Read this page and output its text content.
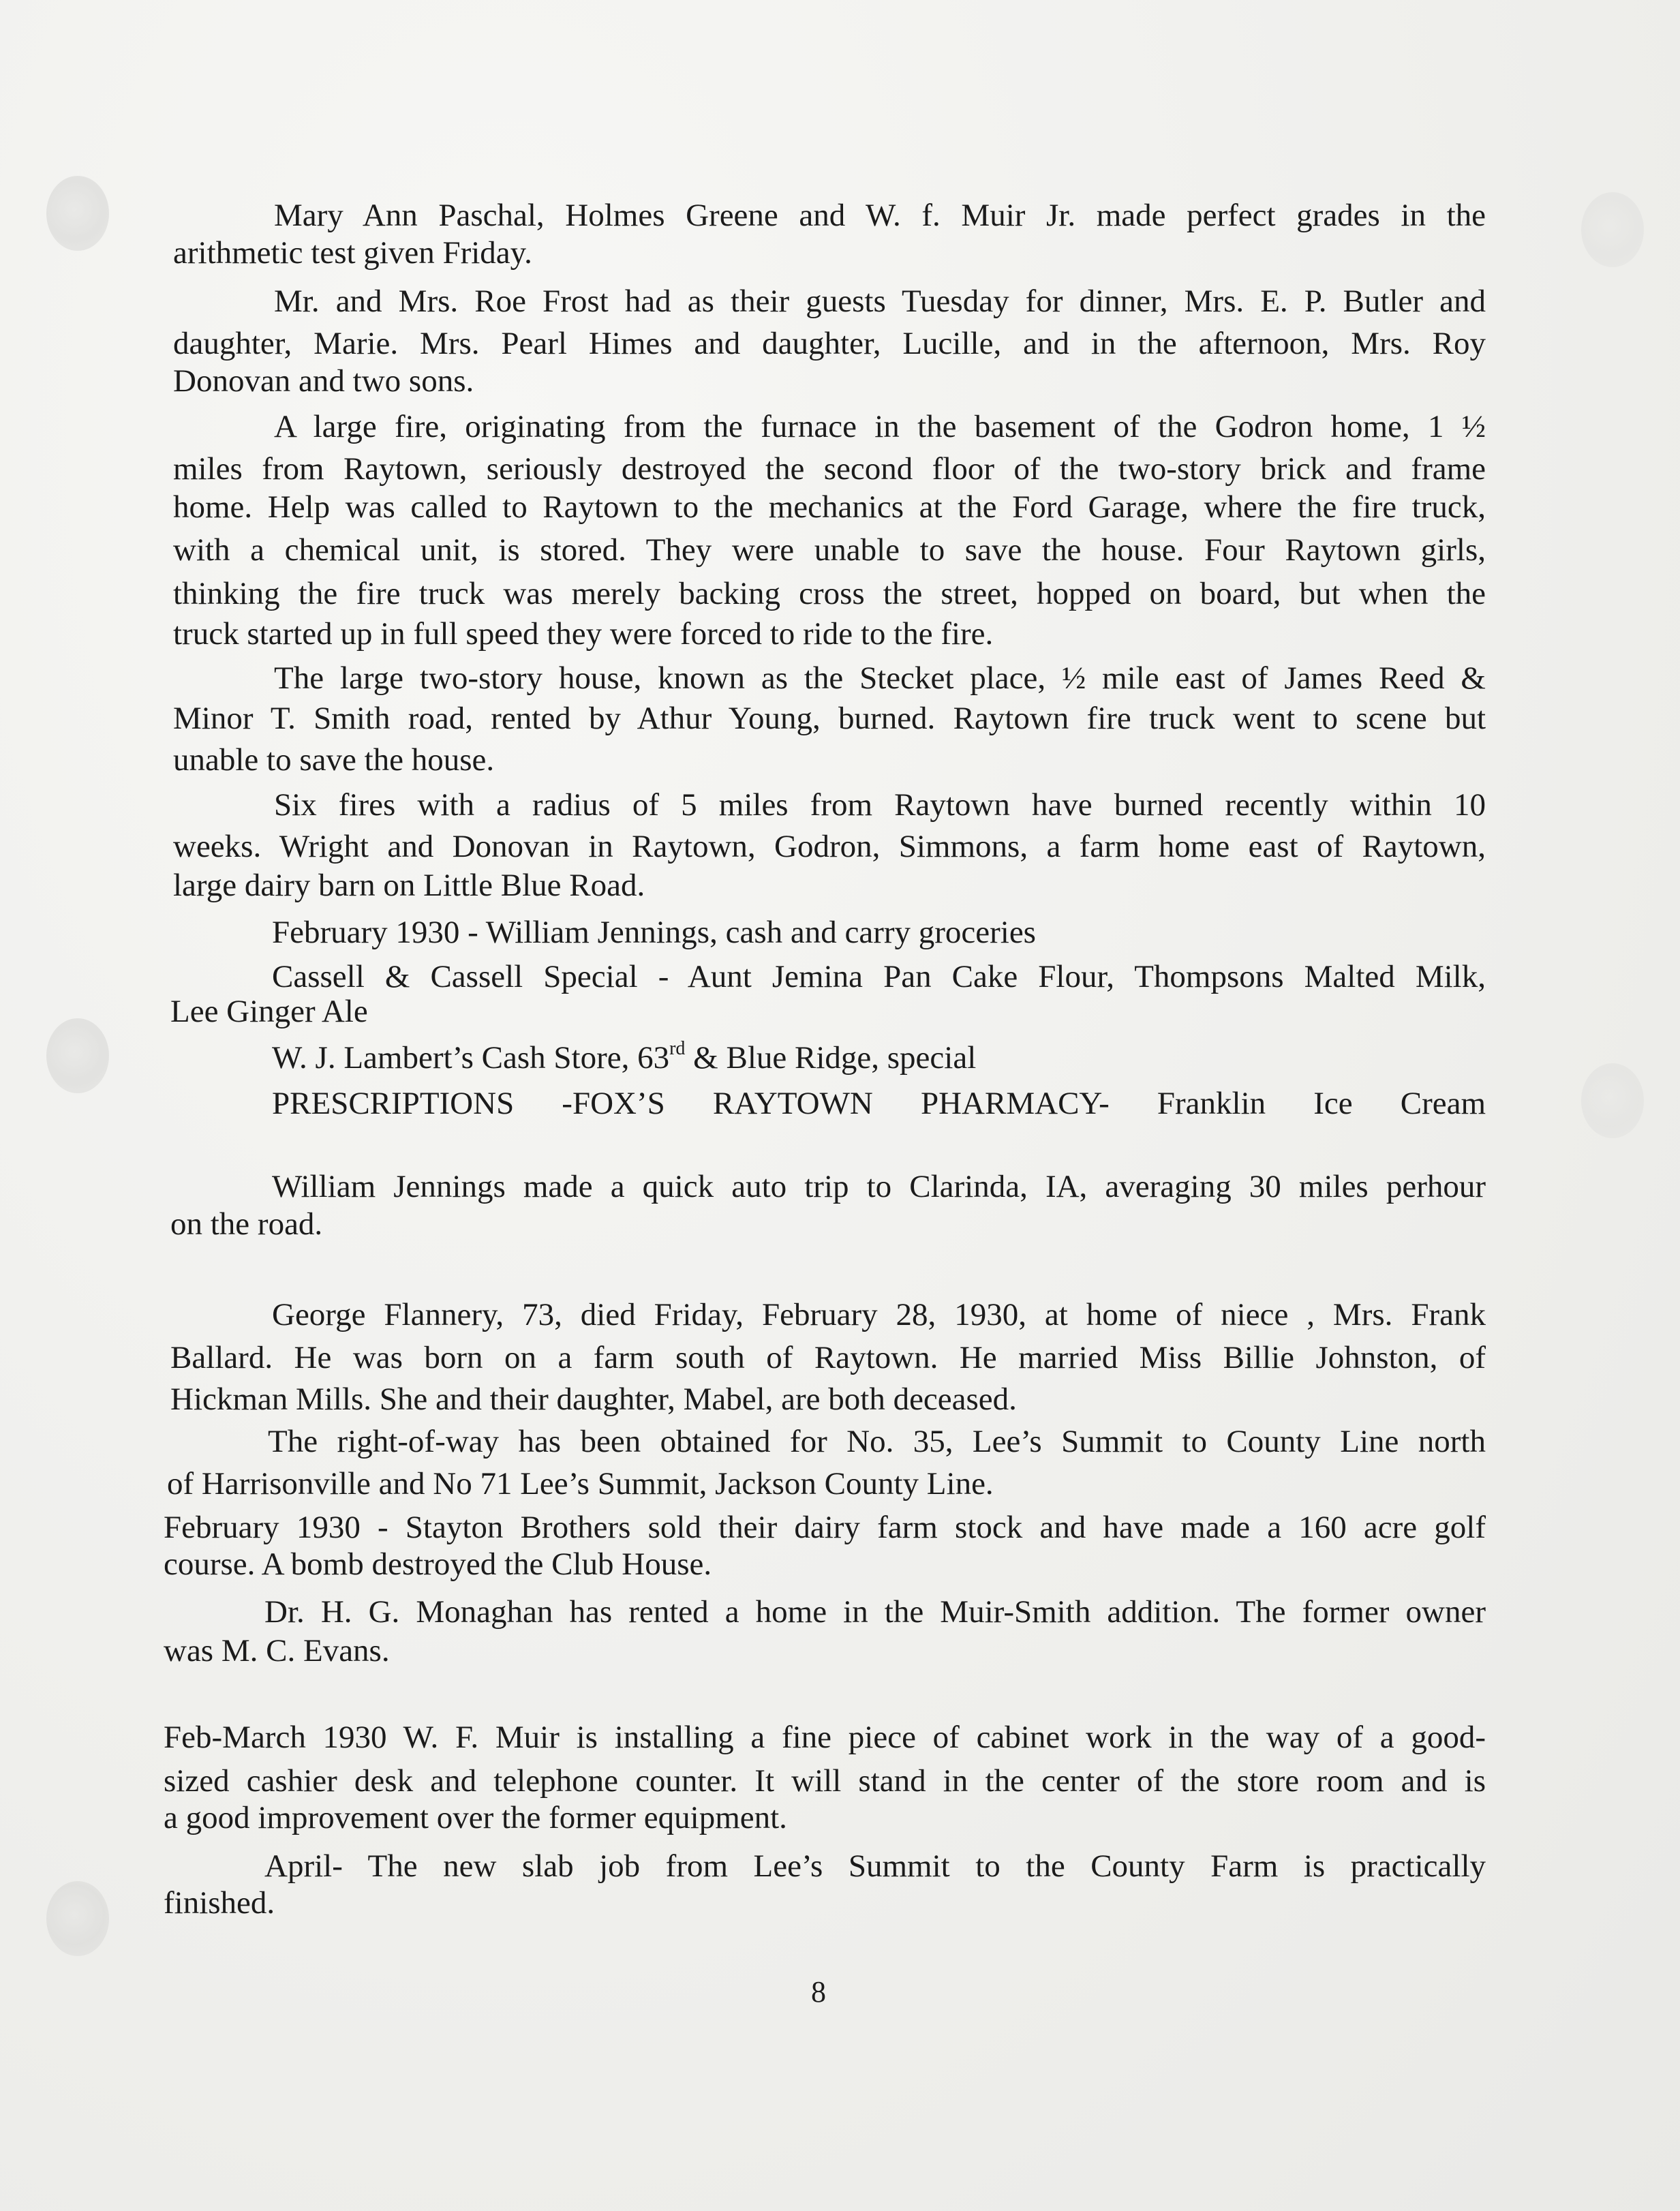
Mary Ann Paschal, Holmes Greene and W. f. Muir Jr. made perfect grades in the
arithmetic test given Friday.
Mr. and Mrs. Roe Frost had as their guests Tuesday for dinner, Mrs. E. P. Butler and
daughter, Marie. Mrs. Pearl Himes and daughter, Lucille, and in the afternoon, Mrs. Roy
Donovan and two sons.
A large fire, originating from the furnace in the basement of the Godron home, 1 ½
miles from Raytown, seriously destroyed the second floor of the two-story brick and frame
home. Help was called to Raytown to the mechanics at the Ford Garage, where the fire truck,
with a chemical unit, is stored. They were unable to save the house. Four Raytown girls,
thinking the fire truck was merely backing cross the street, hopped on board, but when the
truck started up in full speed they were forced to ride to the fire.
The large two-story house, known as the Stecket place, ½ mile east of James Reed &
Minor T. Smith road, rented by Athur Young, burned. Raytown fire truck went to scene but
unable to save the house.
Six fires with a radius of 5 miles from Raytown have burned recently within 10
weeks. Wright and Donovan in Raytown, Godron, Simmons, a farm home east of Raytown,
large dairy barn on Little Blue Road.
February 1930 - William Jennings, cash and carry groceries
Cassell & Cassell Special - Aunt Jemina Pan Cake Flour, Thompsons Malted Milk,
Lee Ginger Ale
W. J. Lambert’s Cash Store, 63rd & Blue Ridge, special
PRESCRIPTIONS -FOX’S RAYTOWN PHARMACY- Franklin Ice Cream
William Jennings made a quick auto trip to Clarinda, IA, averaging 30 miles perhour
on the road.
George Flannery, 73, died Friday, February 28, 1930, at home of niece , Mrs. Frank
Ballard. He was born on a farm south of Raytown. He married Miss Billie Johnston, of
Hickman Mills. She and their daughter, Mabel, are both deceased.
The right-of-way has been obtained for No. 35, Lee’s Summit to County Line north
of Harrisonville and No 71 Lee’s Summit, Jackson County Line.
February 1930 - Stayton Brothers sold their dairy farm stock and have made a 160 acre golf
course. A bomb destroyed the Club House.
Dr. H. G. Monaghan has rented a home in the Muir-Smith addition. The former owner
was M. C. Evans.
Feb-March 1930 W. F. Muir is installing a fine piece of cabinet work in the way of a good-
sized cashier desk and telephone counter. It will stand in the center of the store room and is
a good improvement over the former equipment.
April- The new slab job from Lee’s Summit to the County Farm is practically
finished.
8
